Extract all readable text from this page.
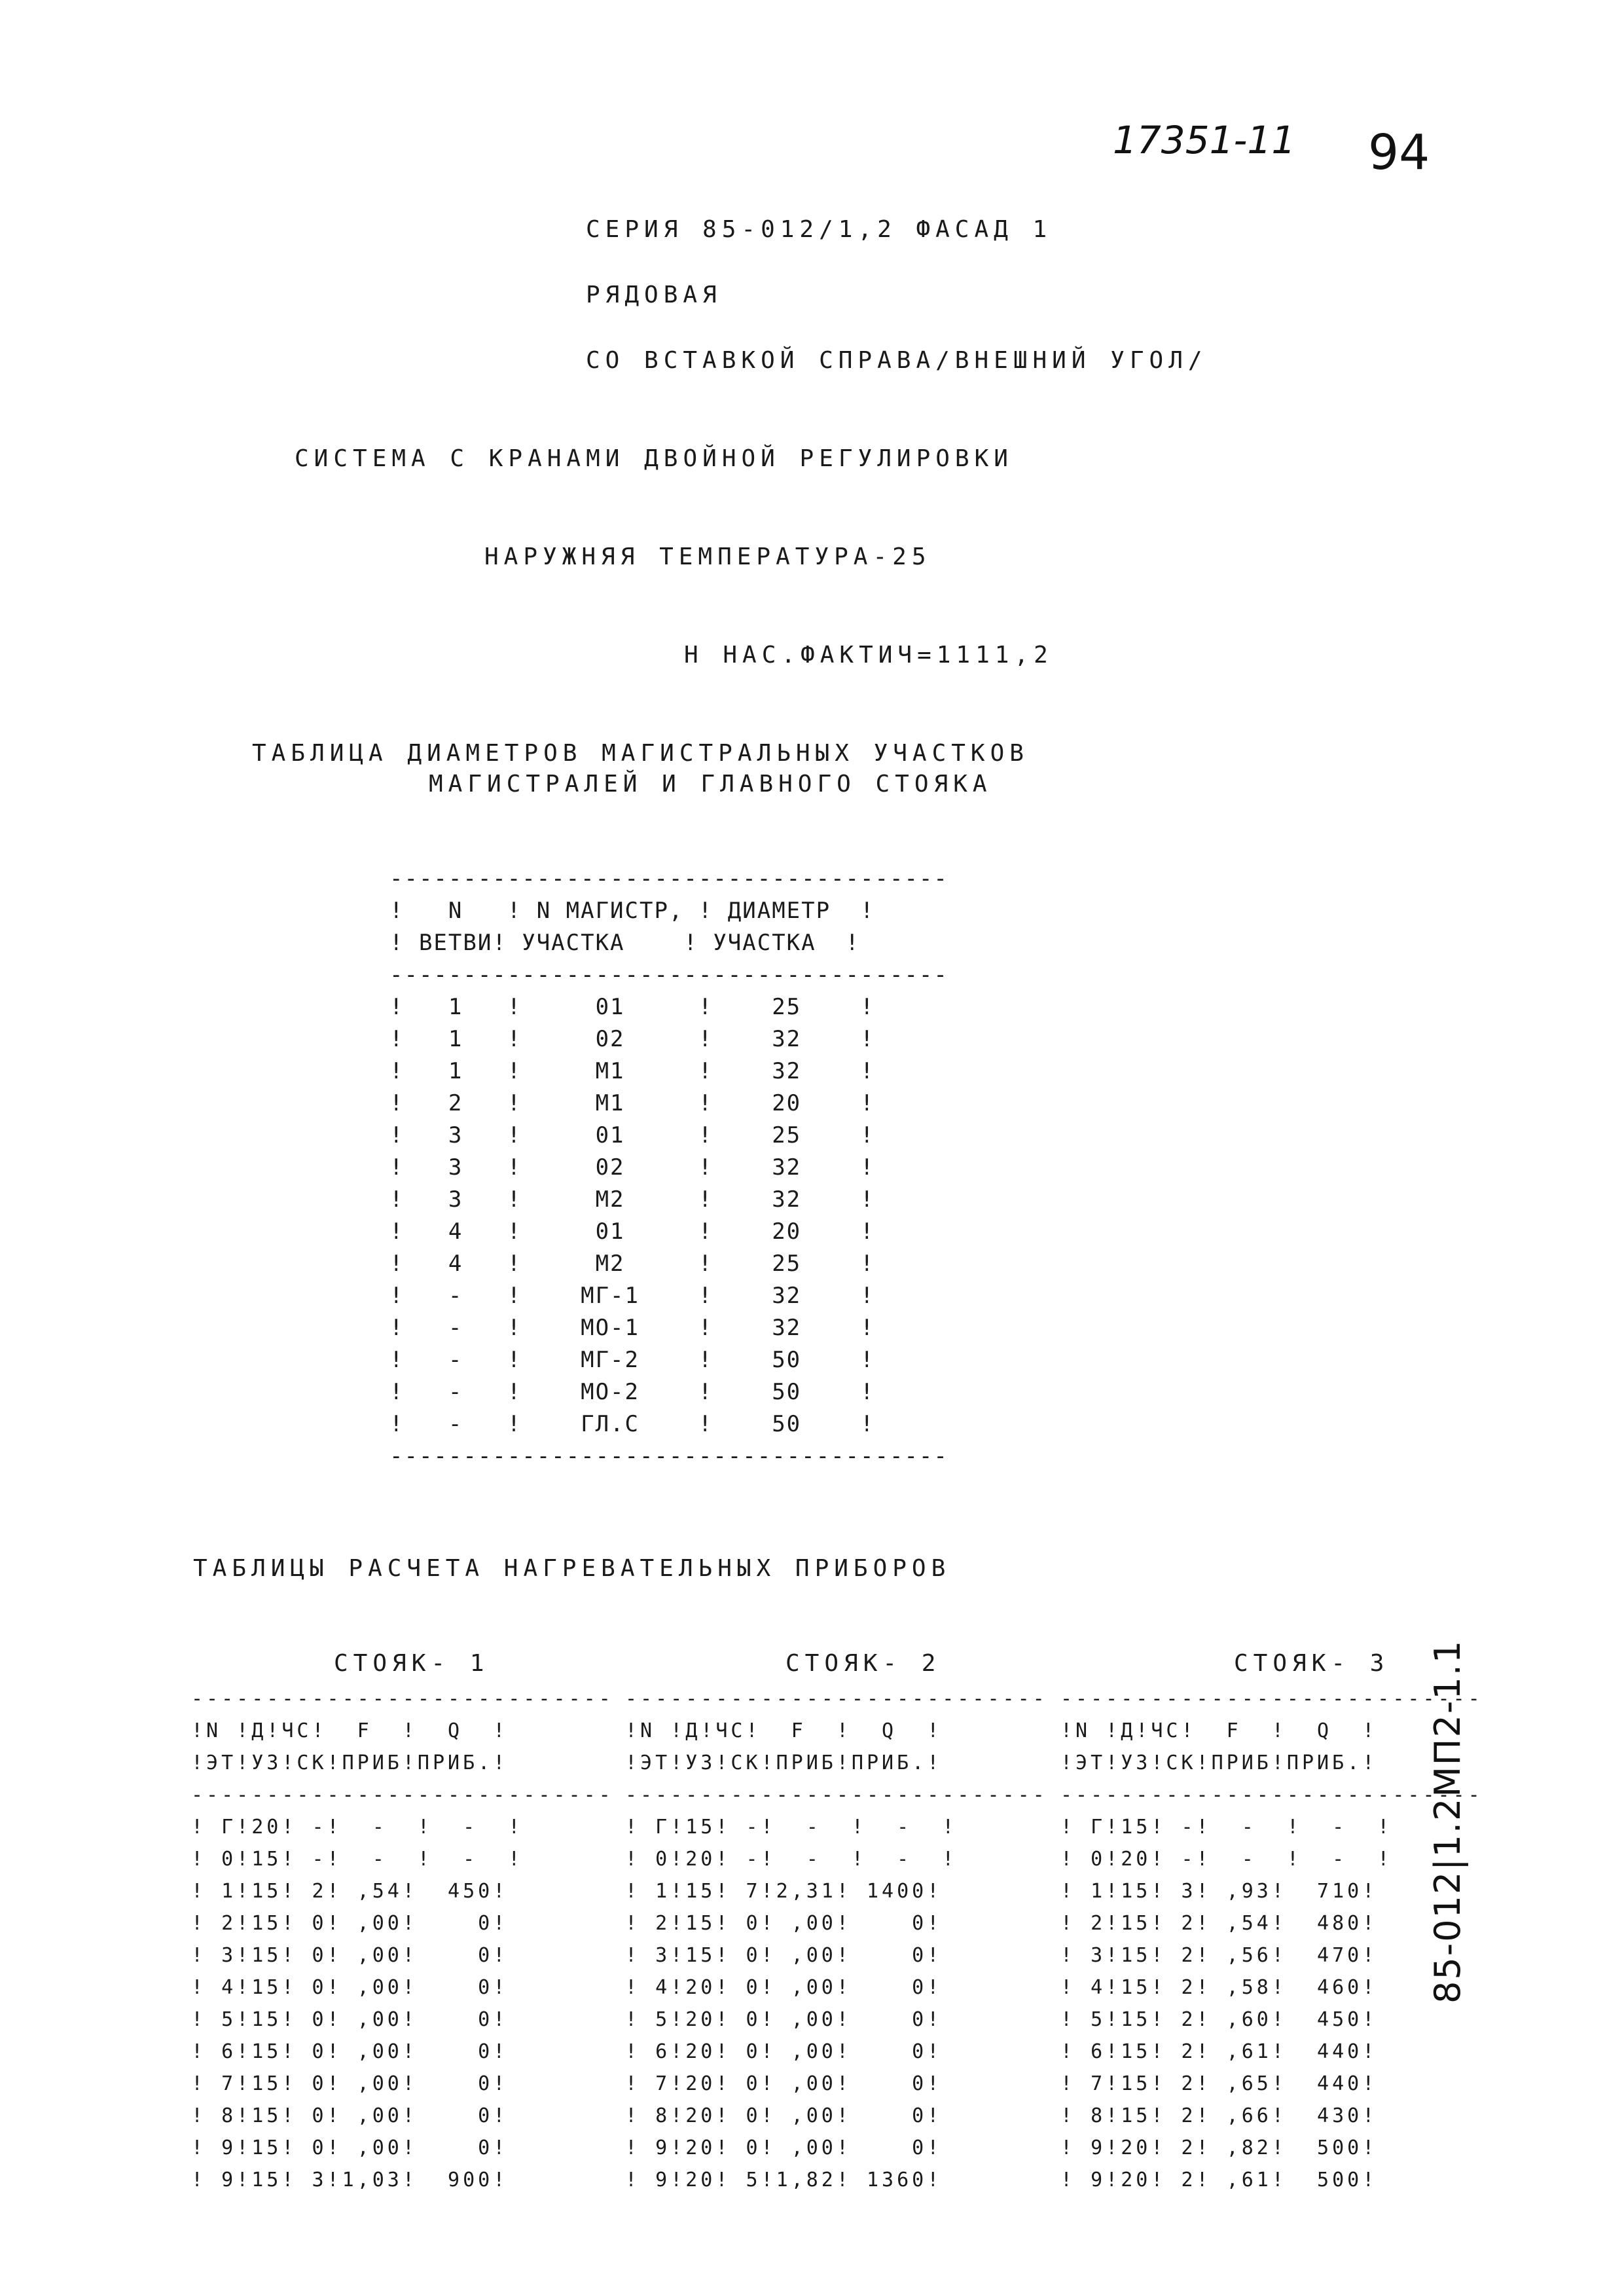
17351-11 94
СЕРИЯ 85-012/1,2 ФАСАД 1
РЯДОВАЯ
СО ВСТАВКОЙ СПРАВА/ВНЕШНИЙ УГОЛ/
СИСТЕМА С КРАНАМИ ДВОЙНОЙ РЕГУЛИРОВКИ
НАРУЖНЯЯ ТЕМПЕРАТУРА-25
Н НАС.ФАКТИЧ=1111,2
ТАБЛИЦА ДИАМЕТРОВ МАГИСТРАЛЬНЫХ УЧАСТКОВ
МАГИСТРАЛЕЙ И ГЛАВНОГО СТОЯКА
--------------------------------------
!   N   ! N МАГИСТР, ! ДИАМЕТР  !
! ВЕТВИ! УЧАСТКА    ! УЧАСТКА  !
--------------------------------------
!   1   !     01     !    25    !
!   1   !     02     !    32    !
!   1   !     М1     !    32    !
!   2   !     М1     !    20    !
!   3   !     01     !    25    !
!   3   !     02     !    32    !
!   3   !     М2     !    32    !
!   4   !     01     !    20    !
!   4   !     М2     !    25    !
!   -   !    МГ-1    !    32    !
!   -   !    МО-1    !    32    !
!   -   !    МГ-2    !    50    !
!   -   !    МО-2    !    50    !
!   -   !    ГЛ.С    !    50    !
--------------------------------------
ТАБЛИЦЫ РАСЧЕТА НАГРЕВАТЕЛЬНЫХ ПРИБОРОВ
СТОЯК- 1	СТОЯК- 2	СТОЯК- 3
----------------------------
!N !Д!ЧС!  F  !  Q  !
!ЭТ!УЗ!СК!ПРИБ!ПРИБ.!
----------------------------
! Г!20! -!  -  !  -  !
! 0!15! -!  -  !  -  !
! 1!15! 2! ,54!  450!
! 2!15! 0! ,00!    0!
! 3!15! 0! ,00!    0!
! 4!15! 0! ,00!    0!
! 5!15! 0! ,00!    0!
! 6!15! 0! ,00!    0!
! 7!15! 0! ,00!    0!
! 8!15! 0! ,00!    0!
! 9!15! 0! ,00!    0!
! 9!15! 3!1,03!  900!
----------------------------
!N !Д!ЧС!  F  !  Q  !
!ЭТ!УЗ!СК!ПРИБ!ПРИБ.!
----------------------------
! Г!15! -!  -  !  -  !
! 0!20! -!  -  !  -  !
! 1!15! 7!2,31! 1400!
! 2!15! 0! ,00!    0!
! 3!15! 0! ,00!    0!
! 4!20! 0! ,00!    0!
! 5!20! 0! ,00!    0!
! 6!20! 0! ,00!    0!
! 7!20! 0! ,00!    0!
! 8!20! 0! ,00!    0!
! 9!20! 0! ,00!    0!
! 9!20! 5!1,82! 1360!
----------------------------
!N !Д!ЧС!  F  !  Q  !
!ЭТ!УЗ!СК!ПРИБ!ПРИБ.!
----------------------------
! Г!15! -!  -  !  -  !
! 0!20! -!  -  !  -  !
! 1!15! 3! ,93!  710!
! 2!15! 2! ,54!  480!
! 3!15! 2! ,56!  470!
! 4!15! 2! ,58!  460!
! 5!15! 2! ,60!  450!
! 6!15! 2! ,61!  440!
! 7!15! 2! ,65!  440!
! 8!15! 2! ,66!  430!
! 9!20! 2! ,82!  500!
! 9!20! 2! ,61!  500!
85-012|1.2МП2-1.1
